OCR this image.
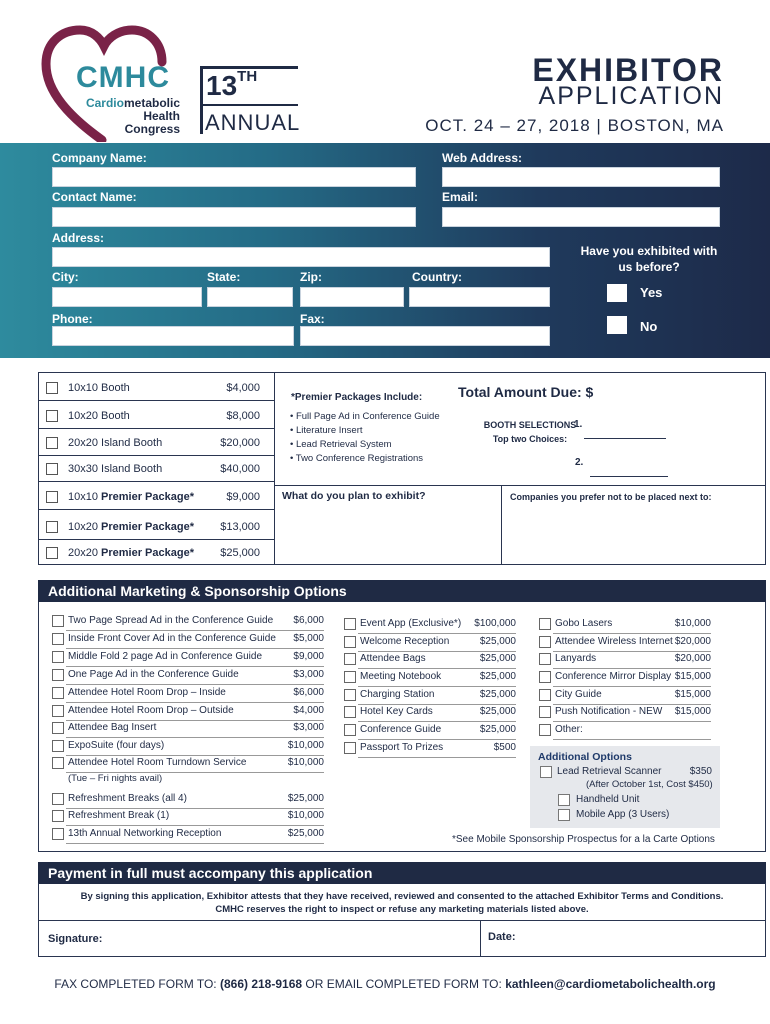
CMHC
Cardiometabolic
Health
Congress
13TH
ANNUAL
EXHIBITOR
APPLICATION
OCT. 24 – 27, 2018 | BOSTON, MA
Company Name:	Web Address:
Contact Name:	Email:
Address:
City:	State:	Zip:	Country:
Phone:	Fax:
Have you exhibited with us before?
Yes
No
10x10 Booth	$4,000
10x20 Booth	$8,000
20x20 Island Booth	$20,000
30x30 Island Booth	$40,000
10x10 Premier Package*	$9,000
10x20 Premier Package* $13,000
20x20 Premier Package* $25,000
*Premier Packages Include:
• Full Page Ad in Conference Guide
• Literature Insert
• Lead Retrieval System
• Two Conference Registrations
Total Amount Due: $
BOOTH SELECTIONS
Top two Choices:
1.
2.
What do you plan to exhibit?	Companies you prefer not to be placed next to:
Additional Marketing & Sponsorship Options
Two Page Spread Ad in the Conference Guide $6,000
Inside Front Cover Ad in the Conference Guide $5,000
Middle Fold 2 page Ad in Conference Guide	$9,000
One Page Ad in the Conference Guide	$3,000
Attendee Hotel Room Drop – Inside	$6,000
Attendee Hotel Room Drop – Outside	$4,000
Attendee Bag Insert	$3,000
ExpoSuite (four days)	$10,000
Attendee Hotel Room Turndown Service	$10,000
(Tue – Fri nights avail)
Refreshment Breaks (all 4)	$25,000
Refreshment Break (1)	$10,000
13th Annual Networking Reception	$25,000
Event App (Exclusive*) $100,000
Welcome Reception	$25,000
Attendee Bags	$25,000
Meeting Notebook	$25,000
Charging Station	$25,000
Hotel Key Cards	$25,000
Conference Guide	$25,000
Passport To Prizes	$500
Gobo Lasers	$10,000
Attendee Wireless Internet $20,000
Lanyards	$20,000
Conference Mirror Display $15,000
City Guide	$15,000
Push Notification - NEW $15,000
Other:
Additional Options
Lead Retrieval Scanner	$350
(After October 1st, Cost $450)
Handheld Unit
Mobile App (3 Users)
*See Mobile Sponsorship Prospectus for a la Carte Options
Payment in full must accompany this application
By signing this application, Exhibitor attests that they have received, reviewed and consented to the attached Exhibitor Terms and Conditions.
CMHC reserves the right to inspect or refuse any marketing materials listed above.
Signature:	Date:
FAX COMPLETED FORM TO: (866) 218-9168 OR EMAIL COMPLETED FORM TO: kathleen@cardiometabolichealth.org
